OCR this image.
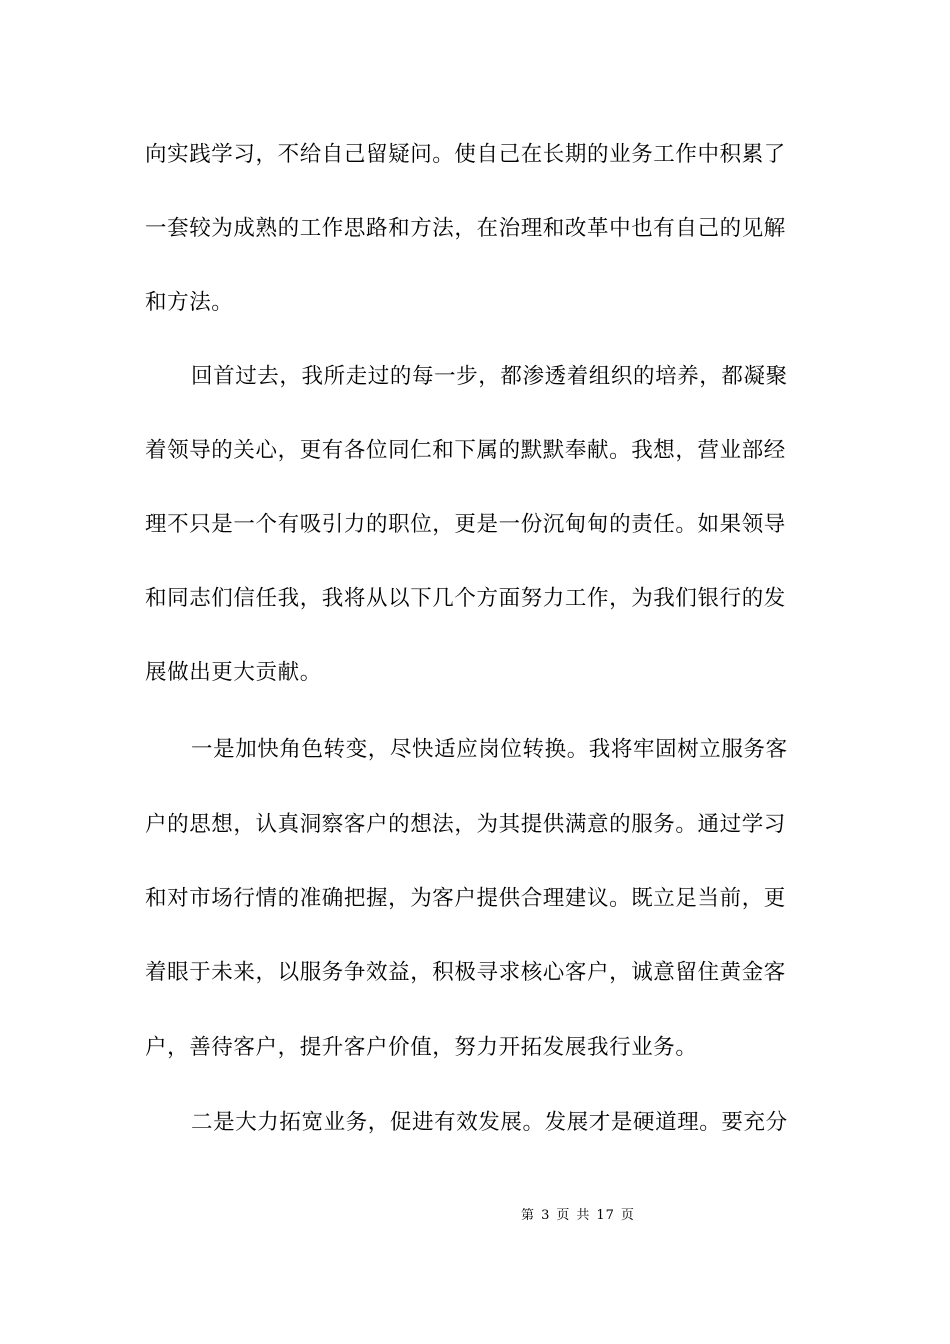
向实践学习，不给自己留疑问。使自己在长期的业务工作中积累了
一套较为成熟的工作思路和方法，在治理和改革中也有自己的见解
和方法。
回首过去，我所走过的每一步，都渗透着组织的培养，都凝聚
着领导的关心，更有各位同仁和下属的默默奉献。我想，营业部经
理不只是一个有吸引力的职位，更是一份沉甸甸的责任。如果领导
和同志们信任我，我将从以下几个方面努力工作，为我们银行的发
展做出更大贡献。
一是加快角色转变，尽快适应岗位转换。我将牢固树立服务客
户的思想，认真洞察客户的想法，为其提供满意的服务。通过学习
和对市场行情的准确把握，为客户提供合理建议。既立足当前，更
着眼于未来，以服务争效益，积极寻求核心客户，诚意留住黄金客
户，善待客户，提升客户价值，努力开拓发展我行业务。
二是大力拓宽业务，促进有效发展。发展才是硬道理。要充分
第 3 页 共 17 页
